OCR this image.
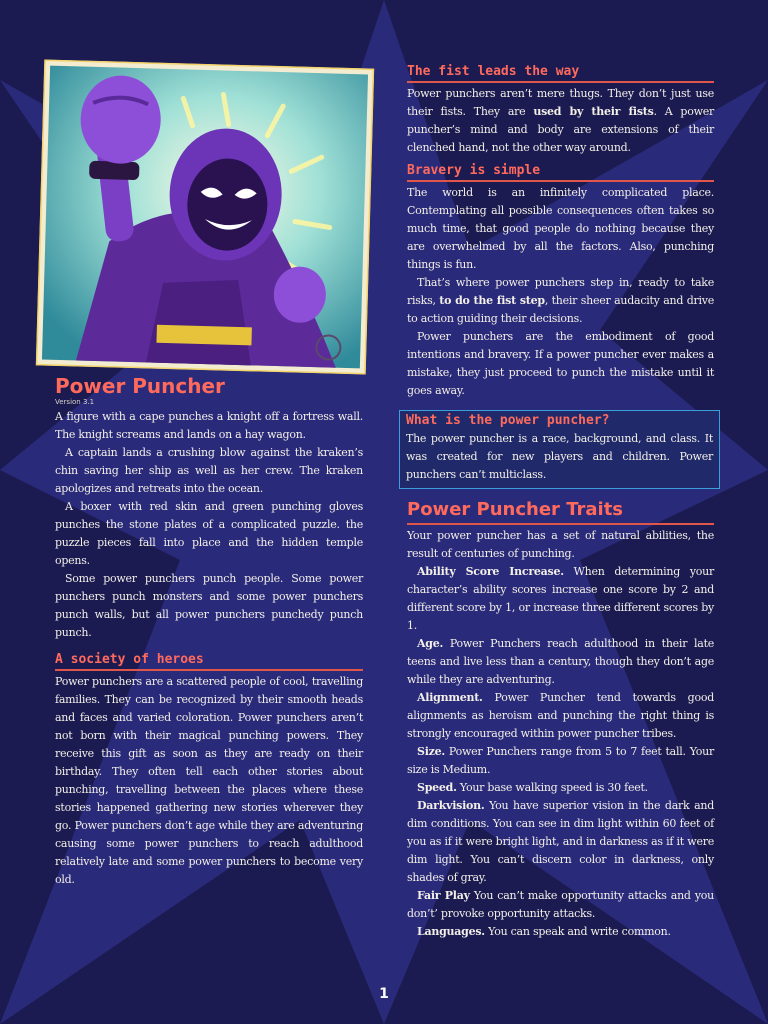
Power Puncher
Version 3.1

A figure with a cape punches a knight off a fortress wall. The knight screams and lands on a hay wagon.

A captain lands a crushing blow against the kraken’s chin saving her ship as well as her crew. The kraken apologizes and retreats into the ocean.

A boxer with red skin and green punching gloves punches the stone plates of a complicated puzzle. the puzzle pieces fall into place and the hidden temple opens.

Some power punchers punch people. Some power punchers punch monsters and some power punchers punch walls, but all power punchers punchedy punch punch.

A society of heroes

Power punchers are a scattered people of cool, travelling families. They can be recognized by their smooth heads and faces and varied coloration. Power punchers aren’t not born with their magical punching powers. They receive this gift as soon as they are ready on their birthday. They often tell each other stories about punching, travelling between the places where these stories happened gathering new stories wherever they go. Power punchers don’t age while they are adventuring causing some power punchers to reach adulthood relatively late and some power punchers to become very old.

The fist leads the way

Power punchers aren’t mere thugs. They don’t just use their fists. They are used by their fists. A power puncher’s mind and body are extensions of their clenched hand, not the other way around.

Bravery is simple

The world is an infinitely complicated place. Contemplating all possible consequences often takes so much time, that good people do nothing because they are overwhelmed by all the factors. Also, punching things is fun.

That’s where power punchers step in, ready to take risks, to do the fist step, their sheer audacity and drive to action guiding their decisions.

Power punchers are the embodiment of good intentions and bravery. If a power puncher ever makes a mistake, they just proceed to punch the mistake until it goes away.

What is the power puncher?

The power puncher is a race, background, and class. It was created for new players and children. Power punchers can’t multiclass.

Power Puncher Traits

Your power puncher has a set of natural abilities, the result of centuries of punching.

Ability Score Increase. When determining your character’s ability scores increase one score by 2 and different score by 1, or increase three different scores by 1.

Age. Power Punchers reach adulthood in their late teens and live less than a century, though they don’t age while they are adventuring.

Alignment. Power Puncher tend towards good alignments as heroism and punching the right thing is strongly encouraged within power puncher tribes.

Size. Power Punchers range from 5 to 7 feet tall. Your size is Medium.

Speed. Your base walking speed is 30 feet.

Darkvision. You have superior vision in the dark and dim conditions. You can see in dim light within 60 feet of you as if it were bright light, and in darkness as if it were dim light. You can’t discern color in darkness, only shades of gray.

Fair Play You can’t make opportunity attacks and you don’t’ provoke opportunity attacks.

Languages. You can speak and write common.

1
